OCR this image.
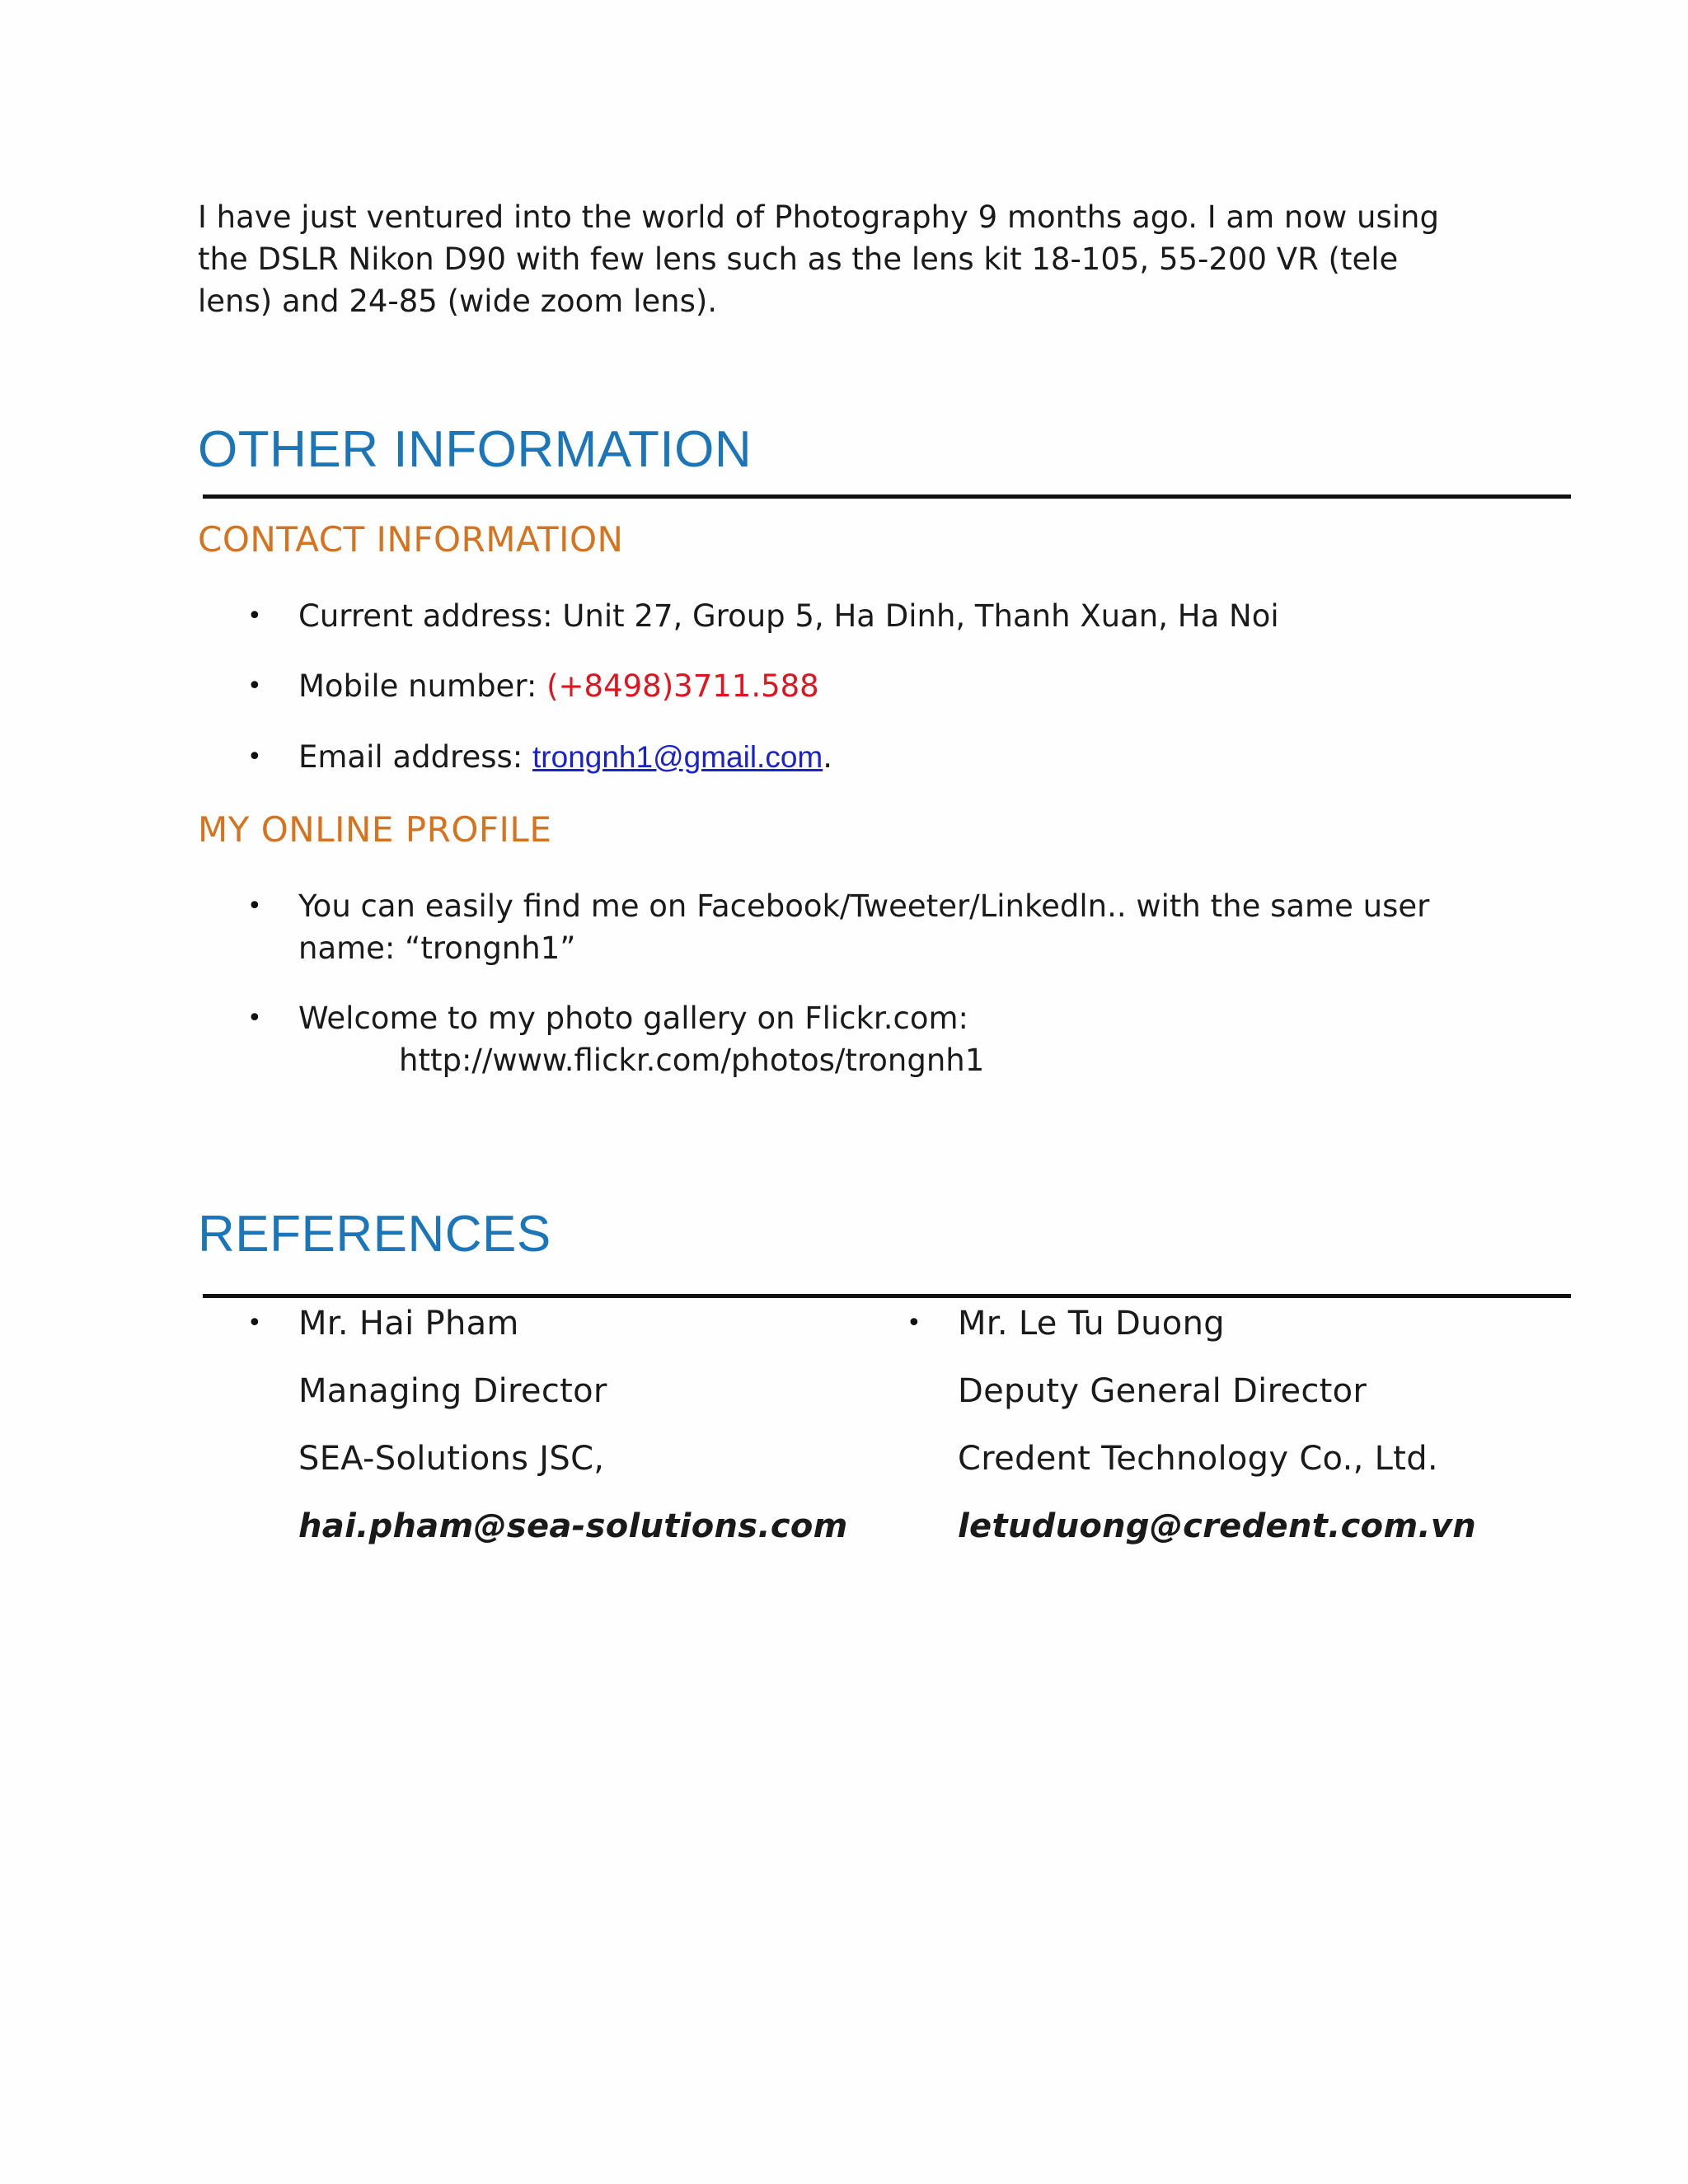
I have just ventured into the world of Photography 9 months ago. I am now using
the DSLR Nikon D90 with few lens such as the lens kit 18-105, 55-200 VR (tele
lens) and 24-85 (wide zoom lens).

OTHER INFORMATION
CONTACT INFORMATION
•	Current address: Unit 27, Group 5, Ha Dinh, Thanh Xuan, Ha Noi
•	Mobile number: (+8498)3711.588
•	Email address: trongnh1@gmail.com.
MY ONLINE PROFILE
•	You can easily find me on Facebook/Tweeter/Linkedln.. with the same user
name: “trongnh1”
•	Welcome to my photo gallery on Flickr.com:
http://www.flickr.com/photos/trongnh1
REFERENCES
•	Mr. Hai Pham
Managing Director
SEA-Solutions JSC,
hai.pham@sea-solutions.com
•	Mr. Le Tu Duong
Deputy General Director
Credent Technology Co., Ltd.
letuduong@credent.com.vn
